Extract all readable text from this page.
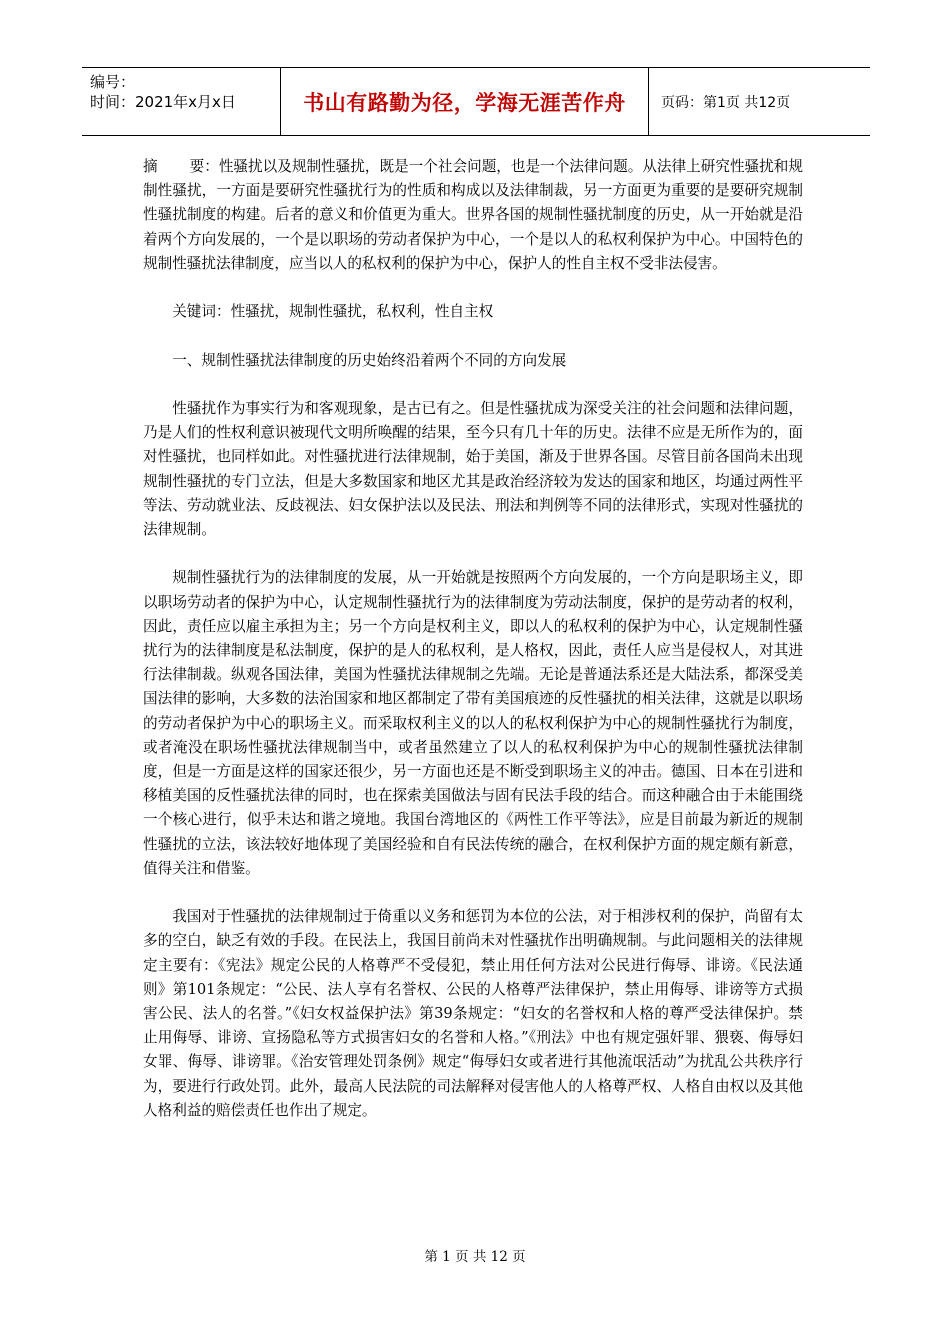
编号：
时间：2021年x月x日	书山有路勤为径，学海无涯苦作舟	页码：第1页 共12页

摘 要：性骚扰以及规制性骚扰，既是一个社会问题，也是一个法律问题。从法律上研究性骚扰和规制性骚扰，一方面是要研究性骚扰行为的性质和构成以及法律制裁，另一方面更为重要的是要研究规制性骚扰制度的构建。后者的意义和价值更为重大。世界各国的规制性骚扰制度的历史，从一开始就是沿着两个方向发展的，一个是以职场的劳动者保护为中心，一个是以人的私权利保护为中心。中国特色的规制性骚扰法律制度，应当以人的私权利的保护为中心，保护人的性自主权不受非法侵害。

关键词：性骚扰，规制性骚扰，私权利，性自主权

一、规制性骚扰法律制度的历史始终沿着两个不同的方向发展

性骚扰作为事实行为和客观现象，是古已有之。但是性骚扰成为深受关注的社会问题和法律问题，乃是人们的性权利意识被现代文明所唤醒的结果，至今只有几十年的历史。法律不应是无所作为的，面对性骚扰，也同样如此。对性骚扰进行法律规制，始于美国，渐及于世界各国。尽管目前各国尚未出现规制性骚扰的专门立法，但是大多数国家和地区尤其是政治经济较为发达的国家和地区，均通过两性平等法、劳动就业法、反歧视法、妇女保护法以及民法、刑法和判例等不同的法律形式，实现对性骚扰的法律规制。

规制性骚扰行为的法律制度的发展，从一开始就是按照两个方向发展的，一个方向是职场主义，即以职场劳动者的保护为中心，认定规制性骚扰行为的法律制度为劳动法制度，保护的是劳动者的权利，因此，责任应以雇主承担为主；另一个方向是权利主义，即以人的私权利的保护为中心，认定规制性骚扰行为的法律制度是私法制度，保护的是人的私权利，是人格权，因此，责任人应当是侵权人，对其进行法律制裁。纵观各国法律，美国为性骚扰法律规制之先端。无论是普通法系还是大陆法系，都深受美国法律的影响，大多数的法治国家和地区都制定了带有美国痕迹的反性骚扰的相关法律，这就是以职场的劳动者保护为中心的职场主义。而采取权利主义的以人的私权利保护为中心的规制性骚扰行为制度，或者淹没在职场性骚扰法律规制当中，或者虽然建立了以人的私权利保护为中心的规制性骚扰法律制度，但是一方面是这样的国家还很少，另一方面也还是不断受到职场主义的冲击。德国、日本在引进和移植美国的反性骚扰法律的同时，也在探索美国做法与固有民法手段的结合。而这种融合由于未能围绕一个核心进行，似乎未达和谐之境地。我国台湾地区的《两性工作平等法》，应是目前最为新近的规制性骚扰的立法，该法较好地体现了美国经验和自有民法传统的融合，在权利保护方面的规定颇有新意，值得关注和借鉴。

我国对于性骚扰的法律规制过于倚重以义务和惩罚为本位的公法，对于相涉权利的保护，尚留有太多的空白，缺乏有效的手段。在民法上，我国目前尚未对性骚扰作出明确规制。与此问题相关的法律规定主要有：《宪法》规定公民的人格尊严不受侵犯，禁止用任何方法对公民进行侮辱、诽谤。《民法通则》第101条规定：“公民、法人享有名誉权、公民的人格尊严法律保护，禁止用侮辱、诽谤等方式损害公民、法人的名誉。”《妇女权益保护法》第39条规定：“妇女的名誉权和人格的尊严受法律保护。禁止用侮辱、诽谤、宣扬隐私等方式损害妇女的名誉和人格。”《刑法》中也有规定强奸罪、猥亵、侮辱妇女罪、侮辱、诽谤罪。《治安管理处罚条例》规定“侮辱妇女或者进行其他流氓活动”为扰乱公共秩序行为，要进行行政处罚。此外，最高人民法院的司法解释对侵害他人的人格尊严权、人格自由权以及其他人格利益的赔偿责任也作出了规定。

第 1 页 共 12 页
